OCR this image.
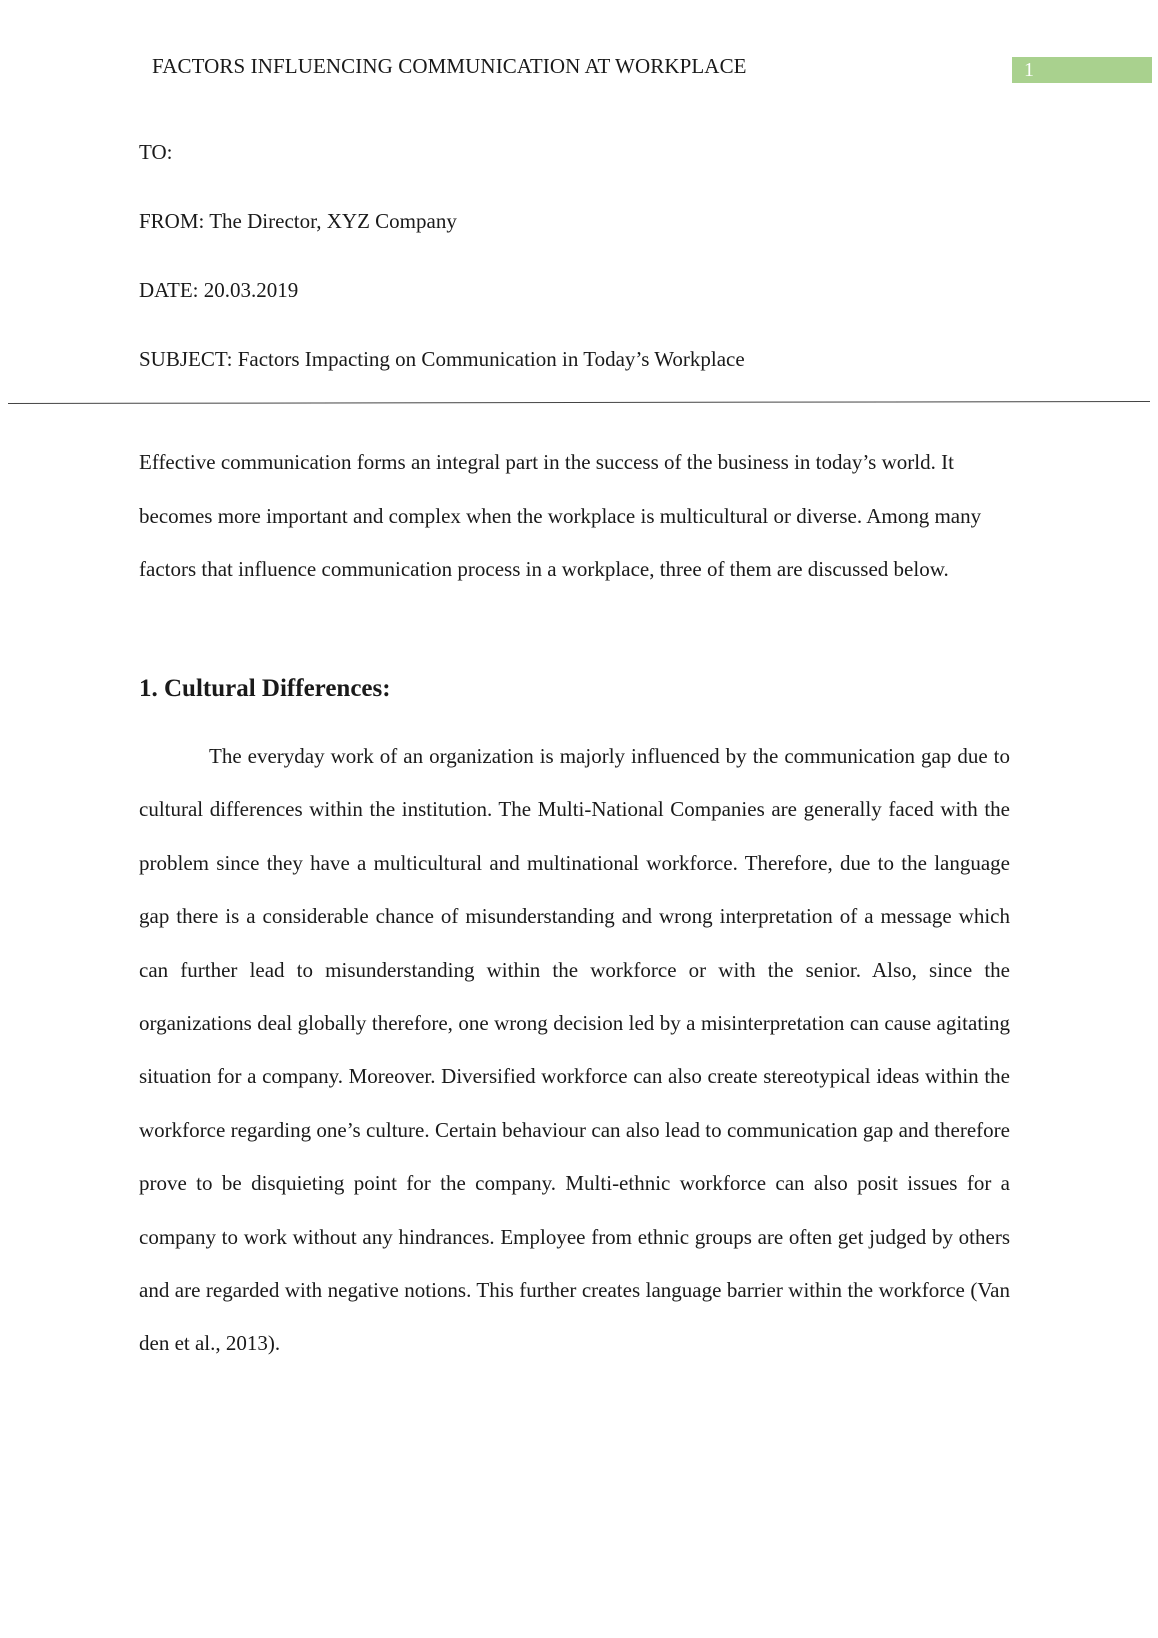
FACTORS INFLUENCING COMMUNICATION AT WORKPLACE	1
TO:
FROM: The Director, XYZ Company
DATE: 20.03.2019
SUBJECT: Factors Impacting on Communication in Today’s Workplace

Effective communication forms an integral part in the success of the business in today’s world. It becomes more important and complex when the workplace is multicultural or diverse. Among many factors that influence communication process in a workplace, three of them are discussed below.

1. Cultural Differences:

The everyday work of an organization is majorly influenced by the communication gap due to cultural differences within the institution. The Multi-National Companies are generally faced with the problem since they have a multicultural and multinational workforce. Therefore, due to the language gap there is a considerable chance of misunderstanding and wrong interpretation of a message which can further lead to misunderstanding within the workforce or with the senior. Also, since the organizations deal globally therefore, one wrong decision led by a misinterpretation can cause agitating situation for a company. Moreover. Diversified workforce can also create stereotypical ideas within the workforce regarding one’s culture. Certain behaviour can also lead to communication gap and therefore prove to be disquieting point for the company. Multi-ethnic workforce can also posit issues for a company to work without any hindrances. Employee from ethnic groups are often get judged by others and are regarded with negative notions. This further creates language barrier within the workforce (Van den et al., 2013).
